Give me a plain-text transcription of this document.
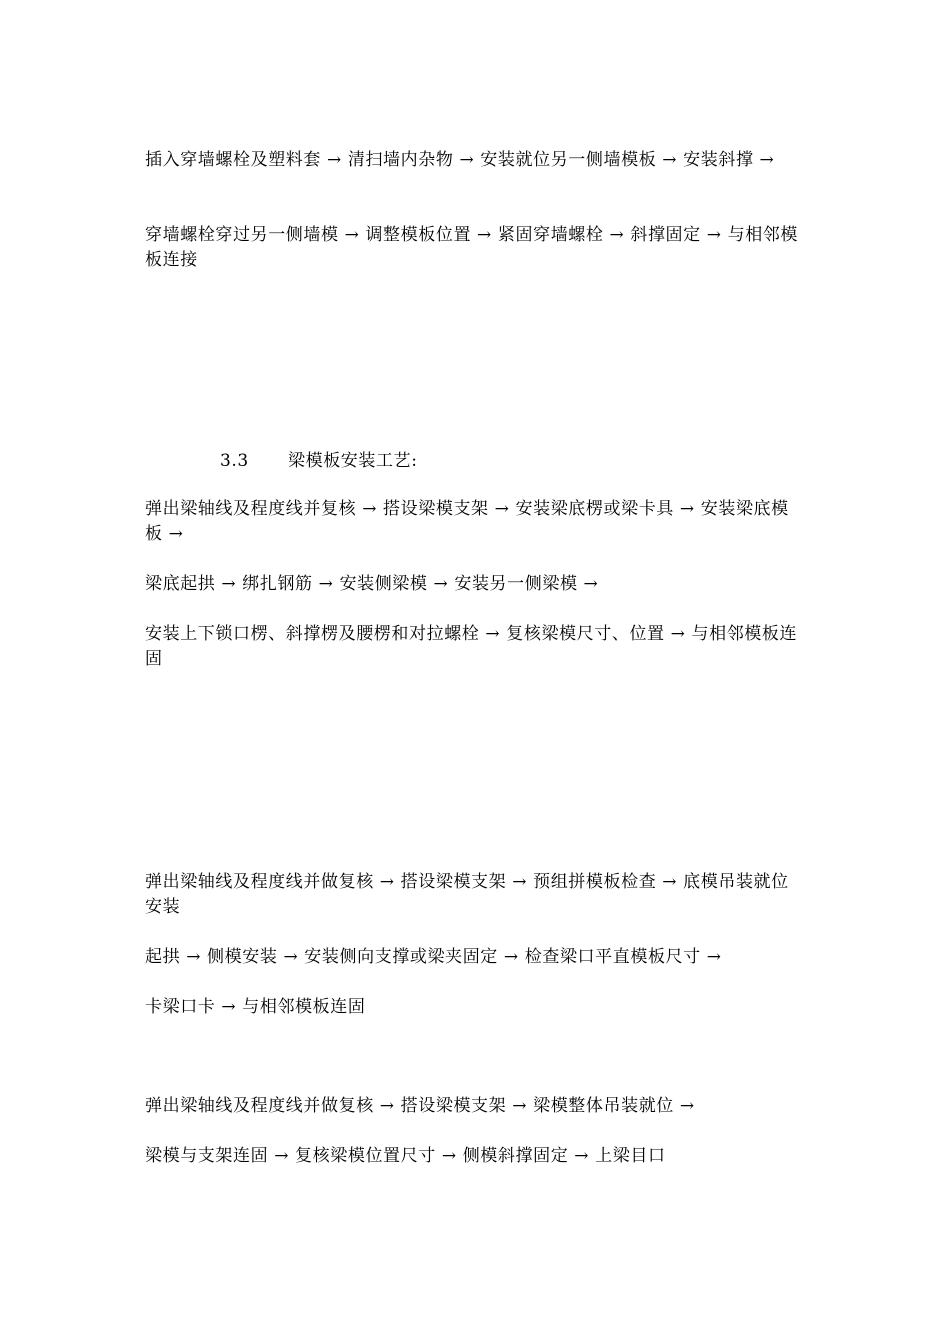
插入穿墙螺栓及塑料套 → 清扫墙内杂物 → 安装就位另一侧墙模板 → 安装斜撑 →

穿墙螺栓穿过另一侧墙模 → 调整模板位置 → 紧固穿墙螺栓 → 斜撑固定 → 与相邻模板连接

3.3 梁模板安装工艺:

弹出梁轴线及程度线并复核 → 搭设梁模支架 → 安装梁底楞或梁卡具 → 安装梁底模板 →

梁底起拱 → 绑扎钢筋 → 安装侧梁模 → 安装另一侧梁模 →

安装上下锁口楞、斜撑楞及腰楞和对拉螺栓 → 复核梁模尺寸、位置 → 与相邻模板连固

弹出梁轴线及程度线并做复核 → 搭设梁模支架 → 预组拼模板检查 → 底模吊装就位安装

起拱 → 侧模安装 → 安装侧向支撑或梁夹固定 → 检查梁口平直模板尺寸 →

卡梁口卡 → 与相邻模板连固

弹出梁轴线及程度线并做复核 → 搭设梁模支架 → 梁模整体吊装就位 →

梁模与支架连固 → 复核梁模位置尺寸 → 侧模斜撑固定 → 上梁目口
